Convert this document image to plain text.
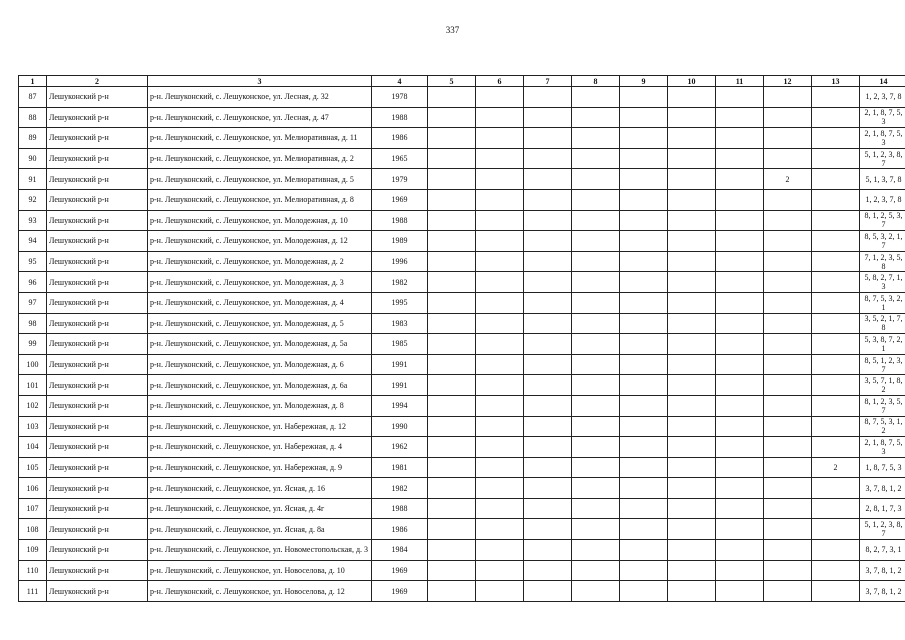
337
1	2	3	4	5	6	7	8	9	10	11	12	13	14
87	Лешуконский р-н	р-н. Лешуконский, с. Лешуконское, ул. Лесная, д. 32	1978										1, 2, 3, 7, 8
88	Лешуконский р-н	р-н. Лешуконский, с. Лешуконское, ул. Лесная, д. 47	1988										2, 1, 8, 7, 5, 3
89	Лешуконский р-н	р-н. Лешуконский, с. Лешуконское, ул. Мелиоративная, д. 11	1986										2, 1, 8, 7, 5, 3
90	Лешуконский р-н	р-н. Лешуконский, с. Лешуконское, ул. Мелиоративная, д. 2	1965										5, 1, 2, 3, 8, 7
91	Лешуконский р-н	р-н. Лешуконский, с. Лешуконское, ул. Мелиоративная, д. 5	1979								2		5, 1, 3, 7, 8
92	Лешуконский р-н	р-н. Лешуконский, с. Лешуконское, ул. Мелиоративная, д. 8	1969										1, 2, 3, 7, 8
93	Лешуконский р-н	р-н. Лешуконский, с. Лешуконское, ул. Молодежная, д. 10	1988										8, 1, 2, 5, 3, 7
94	Лешуконский р-н	р-н. Лешуконский, с. Лешуконское, ул. Молодежная, д. 12	1989										8, 5, 3, 2, 1, 7
95	Лешуконский р-н	р-н. Лешуконский, с. Лешуконское, ул. Молодежная, д. 2	1996										7, 1, 2, 3, 5, 8
96	Лешуконский р-н	р-н. Лешуконский, с. Лешуконское, ул. Молодежная, д. 3	1982										5, 8, 2, 7, 1, 3
97	Лешуконский р-н	р-н. Лешуконский, с. Лешуконское, ул. Молодежная, д. 4	1995										8, 7, 5, 3, 2, 1
98	Лешуконский р-н	р-н. Лешуконский, с. Лешуконское, ул. Молодежная, д. 5	1983										3, 5, 2, 1, 7, 8
99	Лешуконский р-н	р-н. Лешуконский, с. Лешуконское, ул. Молодежная, д. 5а	1985										5, 3, 8, 7, 2, 1
100	Лешуконский р-н	р-н. Лешуконский, с. Лешуконское, ул. Молодежная, д. 6	1991										8, 5, 1, 2, 3, 7
101	Лешуконский р-н	р-н. Лешуконский, с. Лешуконское, ул. Молодежная, д. 6а	1991										3, 5, 7, 1, 8, 2
102	Лешуконский р-н	р-н. Лешуконский, с. Лешуконское, ул. Молодежная, д. 8	1994										8, 1, 2, 3, 5, 7
103	Лешуконский р-н	р-н. Лешуконский, с. Лешуконское, ул. Набережная, д. 12	1990										8, 7, 5, 3, 1, 2
104	Лешуконский р-н	р-н. Лешуконский, с. Лешуконское, ул. Набережная, д. 4	1962										2, 1, 8, 7, 5, 3
105	Лешуконский р-н	р-н. Лешуконский, с. Лешуконское, ул. Набережная, д. 9	1981									2	1, 8, 7, 5, 3
106	Лешуконский р-н	р-н. Лешуконский, с. Лешуконское, ул. Ясная, д. 16	1982										3, 7, 8, 1, 2
107	Лешуконский р-н	р-н. Лешуконский, с. Лешуконское, ул. Ясная, д. 4г	1988										2, 8, 1, 7, 3
108	Лешуконский р-н	р-н. Лешуконский, с. Лешуконское, ул. Ясная, д. 8а	1986										5, 1, 2, 3, 8, 7
109	Лешуконский р-н	р-н. Лешуконский, с. Лешуконское, ул. Новоместопольская, д. 3	1984										8, 2, 7, 3, 1
110	Лешуконский р-н	р-н. Лешуконский, с. Лешуконское, ул. Новоселова, д. 10	1969										3, 7, 8, 1, 2
111	Лешуконский р-н	р-н. Лешуконский, с. Лешуконское, ул. Новоселова, д. 12	1969										3, 7, 8, 1, 2
